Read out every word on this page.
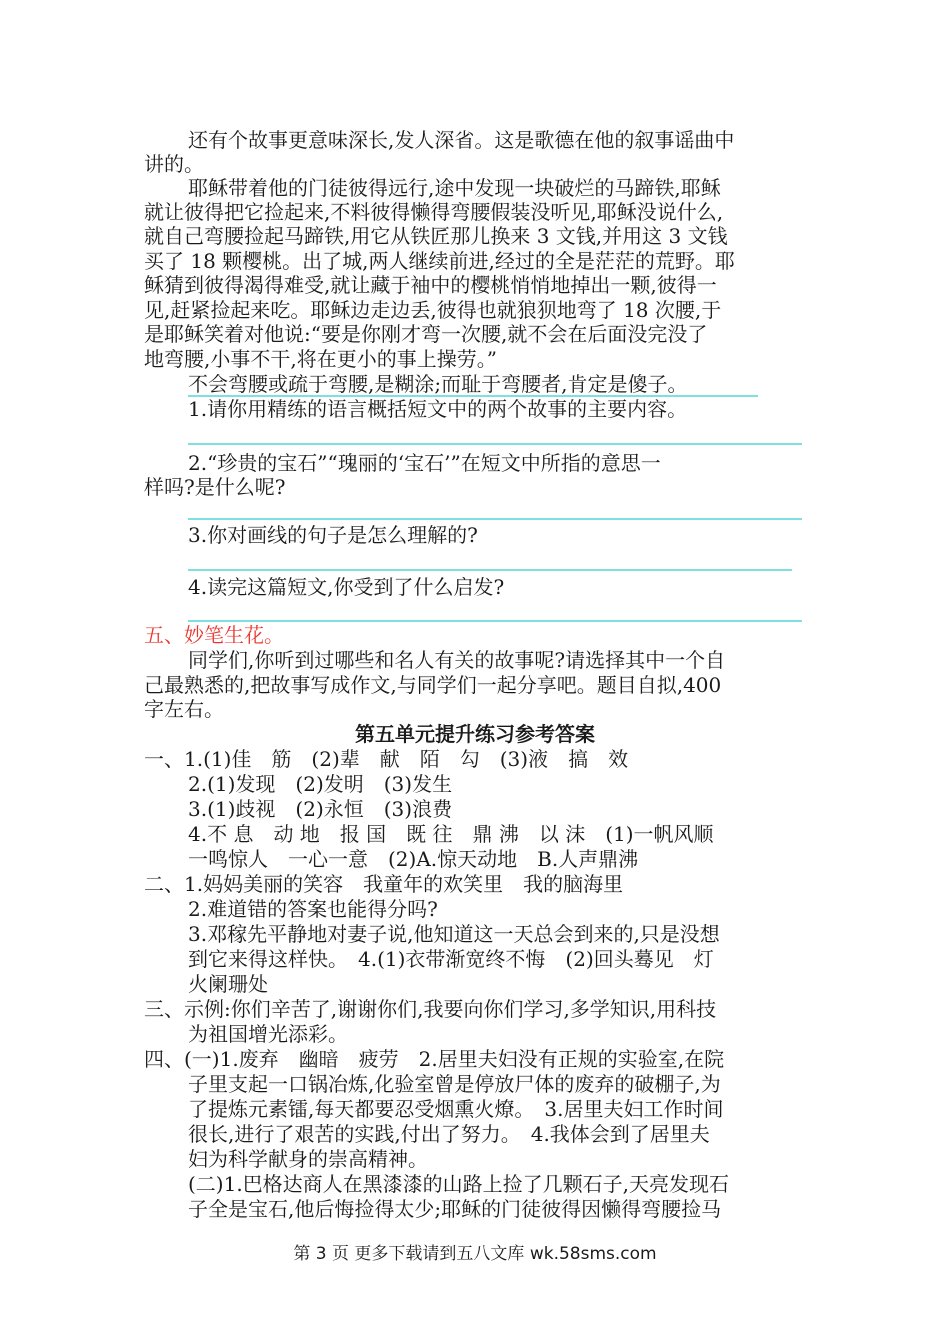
还有个故事更意味深长,发人深省。这是歌德在他的叙事谣曲中
讲的。
耶稣带着他的门徒彼得远行,途中发现一块破烂的马蹄铁,耶稣
就让彼得把它捡起来,不料彼得懒得弯腰假装没听见,耶稣没说什么,
就自己弯腰捡起马蹄铁,用它从铁匠那儿换来 3 文钱,并用这 3 文钱
买了 18 颗樱桃。出了城,两人继续前进,经过的全是茫茫的荒野。耶
稣猜到彼得渴得难受,就让藏于袖中的樱桃悄悄地掉出一颗,彼得一
见,赶紧捡起来吃。耶稣边走边丢,彼得也就狼狈地弯了 18 次腰,于
是耶稣笑着对他说:“要是你刚才弯一次腰,就不会在后面没完没了
地弯腰,小事不干,将在更小的事上操劳。”
不会弯腰或疏于弯腰,是糊涂;而耻于弯腰者,肯定是傻子。
1.请你用精练的语言概括短文中的两个故事的主要内容。
2.“珍贵的宝石”“瑰丽的‘宝石’”在短文中所指的意思一
样吗?是什么呢?
3.你对画线的句子是怎么理解的?
4.读完这篇短文,你受到了什么启发?
五、妙笔生花。
同学们,你听到过哪些和名人有关的故事呢?请选择其中一个自
己最熟悉的,把故事写成作文,与同学们一起分享吧。题目自拟,400
字左右。
第五单元提升练习参考答案
一、1.(1)佳　筋　(2)辈　献　陌　勾　(3)液　搞　效
2.(1)发现　(2)发明　(3)发生
3.(1)歧视　(2)永恒　(3)浪费
4.不 息　动 地　报 国　既 往　鼎 沸　以 沫　(1)一帆风顺
一鸣惊人　一心一意　(2)A.惊天动地　B.人声鼎沸
二、1.妈妈美丽的笑容　我童年的欢笑里　我的脑海里
2.难道错的答案也能得分吗?
3.邓稼先平静地对妻子说,他知道这一天总会到来的,只是没想
到它来得这样快。　4.(1)衣带渐宽终不悔　(2)回头蓦见　灯
火阑珊处
三、示例:你们辛苦了,谢谢你们,我要向你们学习,多学知识,用科技
为祖国增光添彩。
四、(一)1.废弃　幽暗　疲劳　2.居里夫妇没有正规的实验室,在院
子里支起一口锅冶炼,化验室曾是停放尸体的废弃的破棚子,为
了提炼元素镭,每天都要忍受烟熏火燎。　3.居里夫妇工作时间
很长,进行了艰苦的实践,付出了努力。　4.我体会到了居里夫
妇为科学献身的崇高精神。
(二)1.巴格达商人在黑漆漆的山路上捡了几颗石子,天亮发现石
子全是宝石,他后悔捡得太少;耶稣的门徒彼得因懒得弯腰捡马
第 3 页 更多下载请到五八文库 wk.58sms.com
